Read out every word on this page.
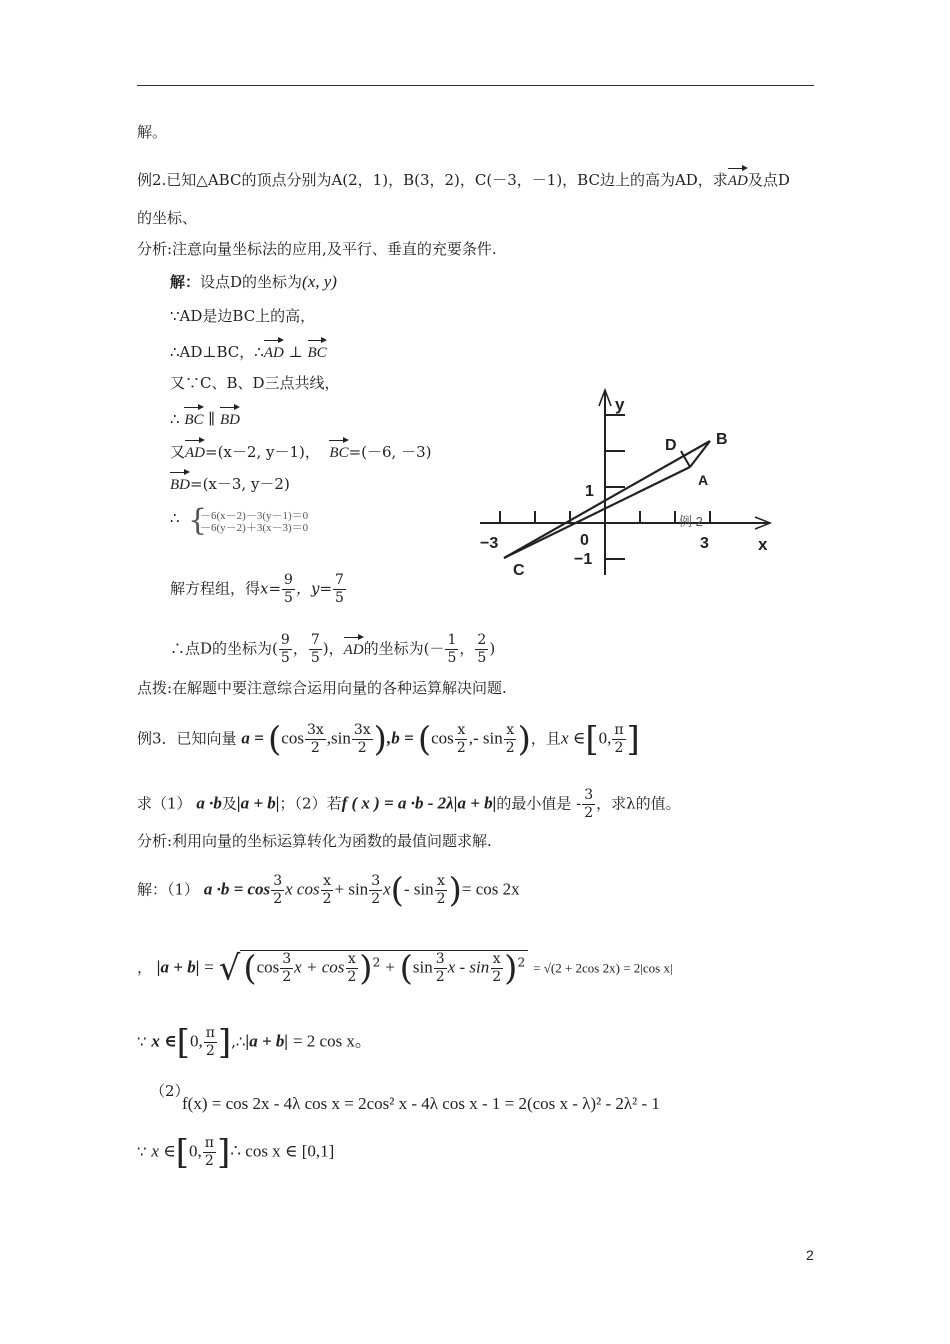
解。
例2.已知△ABC的顶点分别为A(2，1)，B(3，2)，C(－3，－1)，BC边上的高为AD，求AD及点D
的坐标、
分析:注意向量坐标法的应用,及平行、垂直的充要条件.
解：设点D的坐标为(x, y)
∵AD是边BC上的高，
∴AD⊥BC，∴AD ⊥ BC
又∵C、B、D三点共线，
∴ BC ∥ BD
又AD=(x－2, y－1)， BC=(－6, －3)
BD=(x－3, y－2)
∴ {
－6(x－2)－3(y－1)＝0
－6(y－2)＋3(x－3)＝0
解方程组，得$x= \frac{9}{5}$ ，$y= \frac{7}{5}$
∴点D的坐标为( $\frac{9}{5}$ ， $\frac{7}{5}$ )，AD的坐标为(－ $\frac{1}{5}$ ， $\frac{2}{5}$ )
点拨:在解题中要注意综合运用向量的各种运算解决问题.
例3．已知向量 $a = (\cos \frac{3x}{2} ,\sin \frac{3x}{2} ),b = (\cos \frac{x}{2}$ ,- $\sin \frac{x}{2}$ )，且x ∈[0, $\frac{\pi}{2}$ ]
求（1） a ·b及|a + b|；（2）若f ( x ) = a ·b - 2λ|a + b|的最小值是 - $\frac{3}{2}$ ，求λ的值。
分析:利用向量的坐标运算转化为函数的最值问题求解.
解：（1） $a \cdot b = \cos \frac{3}{2}$ x $\cos \frac{x}{2} + \sin \frac{3}{2} x(-$ $\sin \frac{x}{2}$ )= cos 2x
， $|a + b| = √(\cos \frac{3}{2}$ $x + \cos \frac{x}{2} )^2 + (\sin \frac{3}{2}$ $x - \sin \frac{x}{2} )^2 = √(2 + 2\cos$ 2x) = 2|cos x|
∵ x ∈[0, $\frac{\pi}{2}$ ],∴|a + b| = 2 cos x。
（2）
f(x) = cos 2x - 4λ cos x = 2cos² x - 4λ cos x - 1 = 2(cos x - λ)² - 2λ² - 1
∵ x ∈[0, $\frac{\pi}{2}$ ]∴ cos x ∈ [0,1]
y
x
D B
A
C
1
−1
0
−3	3
例 2
2
